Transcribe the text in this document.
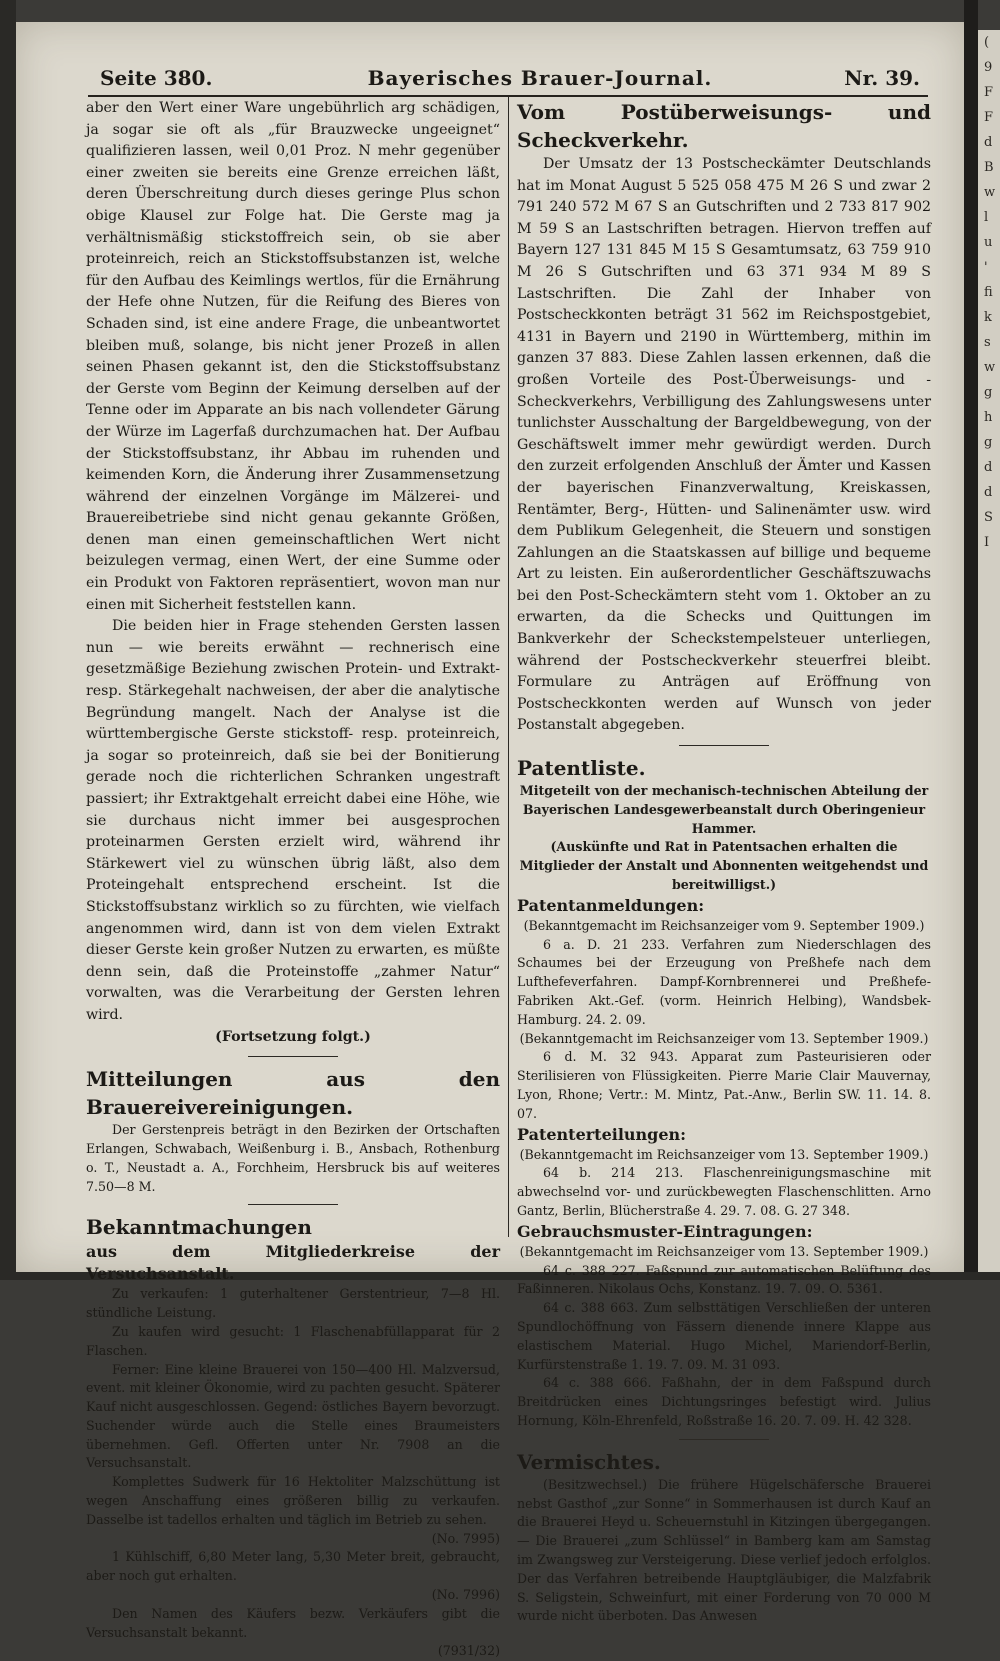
(
9
F
F
d
B
w
l
u
'
fi
k
s
w
g
h
g
d
d
S
I
Seite 380.	Bayerisches Brauer-Journal.	Nr. 39.

aber den Wert einer Ware ungebührlich arg schädigen, ja sogar sie oft als „für Brauzwecke ungeeignet“ qualifizieren lassen, weil 0,01 Proz. N mehr gegenüber einer zweiten sie bereits eine Grenze erreichen läßt, deren Überschreitung durch dieses geringe Plus schon obige Klausel zur Folge hat. Die Gerste mag ja verhältnismäßig stickstoffreich sein, ob sie aber proteinreich, reich an Stickstoffsubstanzen ist, welche für den Aufbau des Keimlings wertlos, für die Ernährung der Hefe ohne Nutzen, für die Reifung des Bieres von Schaden sind, ist eine andere Frage, die unbeantwortet bleiben muß, solange, bis nicht jener Prozeß in allen seinen Phasen gekannt ist, den die Stickstoffsubstanz der Gerste vom Beginn der Keimung derselben auf der Tenne oder im Apparate an bis nach vollendeter Gärung der Würze im Lagerfaß durchzumachen hat. Der Aufbau der Stickstoffsubstanz, ihr Abbau im ruhenden und keimenden Korn, die Änderung ihrer Zusammensetzung während der einzelnen Vorgänge im Mälzerei- und Brauereibetriebe sind nicht genau gekannte Größen, denen man einen gemeinschaftlichen Wert nicht beizulegen vermag, einen Wert, der eine Summe oder ein Produkt von Faktoren repräsentiert, wovon man nur einen mit Sicherheit feststellen kann.

Die beiden hier in Frage stehenden Gersten lassen nun — wie bereits erwähnt — rechnerisch eine gesetzmäßige Beziehung zwischen Protein- und Extrakt- resp. Stärkegehalt nachweisen, der aber die analytische Begründung mangelt. Nach der Analyse ist die württembergische Gerste stickstoff- resp. proteinreich, ja sogar so proteinreich, daß sie bei der Bonitierung gerade noch die richterlichen Schranken ungestraft passiert; ihr Extraktgehalt erreicht dabei eine Höhe, wie sie durchaus nicht immer bei ausgesprochen proteinarmen Gersten erzielt wird, während ihr Stärkewert viel zu wünschen übrig läßt, also dem Proteingehalt entsprechend erscheint. Ist die Stickstoffsubstanz wirklich so zu fürchten, wie vielfach angenommen wird, dann ist von dem vielen Extrakt dieser Gerste kein großer Nutzen zu erwarten, es müßte denn sein, daß die Proteinstoffe „zahmer Natur“ vorwalten, was die Verarbeitung der Gersten lehren wird.

(Fortsetzung folgt.)

Mitteilungen aus den Brauereivereinigungen.

Der Gerstenpreis beträgt in den Bezirken der Ortschaften Erlangen, Schwabach, Weißenburg i. B., Ansbach, Rothenburg o. T., Neustadt a. A., Forchheim, Hersbruck bis auf weiteres 7.50—8 M.

Bekanntmachungen

aus dem Mitgliederkreise der Versuchsanstalt.

Zu verkaufen: 1 guterhaltener Gerstentrieur, 7—8 Hl. stündliche Leistung.

Zu kaufen wird gesucht: 1 Flaschenabfüllapparat für 2 Flaschen.

Ferner: Eine kleine Brauerei von 150—400 Hl. Malzversud, event. mit kleiner Ökonomie, wird zu pachten gesucht. Späterer Kauf nicht ausgeschlossen. Gegend: östliches Bayern bevorzugt. Suchender würde auch die Stelle eines Braumeisters übernehmen. Gefl. Offerten unter Nr. 7908 an die Versuchsanstalt.

Komplettes Sudwerk für 16 Hektoliter Malzschüttung ist wegen Anschaffung eines größeren billig zu verkaufen. Dasselbe ist tadellos erhalten und täglich im Betrieb zu sehen.

(No. 7995)

1 Kühlschiff, 6,80 Meter lang, 5,30 Meter breit, gebraucht, aber noch gut erhalten.

(No. 7996)

Den Namen des Käufers bezw. Verkäufers gibt die Versuchsanstalt bekannt.

(7931/32)

Vom Postüberweisungs- und Scheckverkehr.

Der Umsatz der 13 Postscheckämter Deutschlands hat im Monat August 5 525 058 475 M 26 S und zwar 2 791 240 572 M 67 S an Gutschriften und 2 733 817 902 M 59 S an Lastschriften betragen. Hiervon treffen auf Bayern 127 131 845 M 15 S Gesamtumsatz, 63 759 910 M 26 S Gutschriften und 63 371 934 M 89 S Lastschriften. Die Zahl der Inhaber von Postscheckkonten beträgt 31 562 im Reichspostgebiet, 4131 in Bayern und 2190 in Württemberg, mithin im ganzen 37 883. Diese Zahlen lassen erkennen, daß die großen Vorteile des Post-Überweisungs- und -Scheckverkehrs, Verbilligung des Zahlungswesens unter tunlichster Ausschaltung der Bargeldbewegung, von der Geschäftswelt immer mehr gewürdigt werden. Durch den zurzeit erfolgenden Anschluß der Ämter und Kassen der bayerischen Finanzverwaltung, Kreiskassen, Rentämter, Berg-, Hütten- und Salinenämter usw. wird dem Publikum Gelegenheit, die Steuern und sonstigen Zahlungen an die Staatskassen auf billige und bequeme Art zu leisten. Ein außerordentlicher Geschäftszuwachs bei den Post-Scheckämtern steht vom 1. Oktober an zu erwarten, da die Schecks und Quittungen im Bankverkehr der Scheckstempelsteuer unterliegen, während der Postscheckverkehr steuerfrei bleibt. Formulare zu Anträgen auf Eröffnung von Postscheckkonten werden auf Wunsch von jeder Postanstalt abgegeben.

Patentliste.

Mitgeteilt von der mechanisch-technischen Abteilung der Bayerischen Landesgewerbeanstalt durch Oberingenieur Hammer.

(Auskünfte und Rat in Patentsachen erhalten die Mitglieder der Anstalt und Abonnenten weitgehendst und bereitwilligst.)

Patentanmeldungen:

(Bekanntgemacht im Reichsanzeiger vom 9. September 1909.)

6 a. D. 21 233. Verfahren zum Niederschlagen des Schaumes bei der Erzeugung von Preßhefe nach dem Lufthefeverfahren. Dampf-Kornbrennerei und Preßhefe-Fabriken Akt.-Gef. (vorm. Heinrich Helbing), Wandsbek-Hamburg. 24. 2. 09.

(Bekanntgemacht im Reichsanzeiger vom 13. September 1909.)

6 d. M. 32 943. Apparat zum Pasteurisieren oder Sterilisieren von Flüssigkeiten. Pierre Marie Clair Mauvernay, Lyon, Rhone; Vertr.: M. Mintz, Pat.-Anw., Berlin SW. 11. 14. 8. 07.

Patenterteilungen:

(Bekanntgemacht im Reichsanzeiger vom 13. September 1909.)

64 b. 214 213. Flaschenreinigungsmaschine mit abwechselnd vor- und zurückbewegten Flaschenschlitten. Arno Gantz, Berlin, Blücherstraße 4. 29. 7. 08. G. 27 348.

Gebrauchsmuster-Eintragungen:

(Bekanntgemacht im Reichsanzeiger vom 13. September 1909.)

64 c. 388 227. Faßspund zur automatischen Belüftung des Faßinneren. Nikolaus Ochs, Konstanz. 19. 7. 09. O. 5361.

64 c. 388 663. Zum selbsttätigen Verschließen der unteren Spundlochöffnung von Fässern dienende innere Klappe aus elastischem Material. Hugo Michel, Mariendorf-Berlin, Kurfürstenstraße 1. 19. 7. 09. M. 31 093.

64 c. 388 666. Faßhahn, der in dem Faßspund durch Breitdrücken eines Dichtungsringes befestigt wird. Julius Hornung, Köln-Ehrenfeld, Roßstraße 16. 20. 7. 09. H. 42 328.

Vermischtes.

(Besitzwechsel.) Die frühere Hügelschäfersche Brauerei nebst Gasthof „zur Sonne“ in Sommerhausen ist durch Kauf an die Brauerei Heyd u. Scheuernstuhl in Kitzingen übergegangen. — Die Brauerei „zum Schlüssel“ in Bamberg kam am Samstag im Zwangsweg zur Versteigerung. Diese verlief jedoch erfolglos. Der das Verfahren betreibende Hauptgläubiger, die Malzfabrik S. Seligstein, Schweinfurt, mit einer Forderung von 70 000 M wurde nicht überboten. Das Anwesen
